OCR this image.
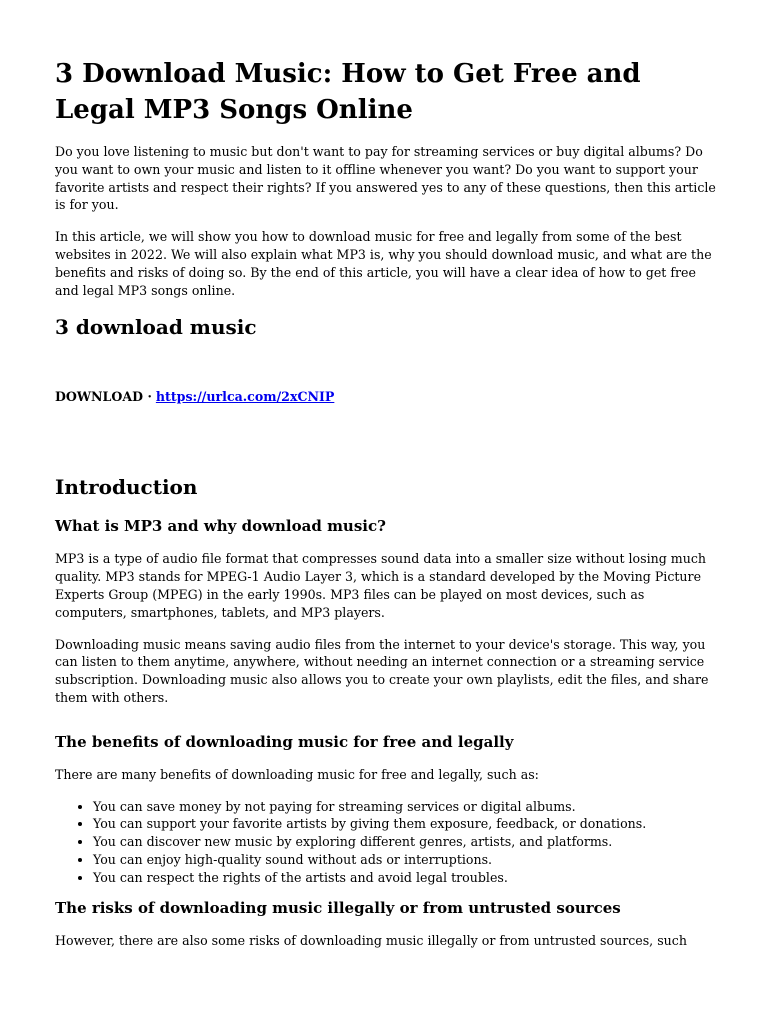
3 Download Music: How to Get Free and Legal MP3 Songs Online

Do you love listening to music but don't want to pay for streaming services or buy digital albums? Do you want to own your music and listen to it offline whenever you want? Do you want to support your favorite artists and respect their rights? If you answered yes to any of these questions, then this article is for you.

In this article, we will show you how to download music for free and legally from some of the best websites in 2022. We will also explain what MP3 is, why you should download music, and what are the benefits and risks of doing so. By the end of this article, you will have a clear idea of how to get free and legal MP3 songs online.

3 download music
DOWNLOAD · https://urlca.com/2xCNIP
Introduction
What is MP3 and why download music?

MP3 is a type of audio file format that compresses sound data into a smaller size without losing much quality. MP3 stands for MPEG-1 Audio Layer 3, which is a standard developed by the Moving Picture Experts Group (MPEG) in the early 1990s. MP3 files can be played on most devices, such as computers, smartphones, tablets, and MP3 players.

Downloading music means saving audio files from the internet to your device's storage. This way, you can listen to them anytime, anywhere, without needing an internet connection or a streaming service subscription. Downloading music also allows you to create your own playlists, edit the files, and share them with others.

The benefits of downloading music for free and legally

There are many benefits of downloading music for free and legally, such as:

• You can save money by not paying for streaming services or digital albums.
• You can support your favorite artists by giving them exposure, feedback, or donations.
• You can discover new music by exploring different genres, artists, and platforms.
• You can enjoy high-quality sound without ads or interruptions.
• You can respect the rights of the artists and avoid legal troubles.
The risks of downloading music illegally or from untrusted sources

However, there are also some risks of downloading music illegally or from untrusted sources, such
